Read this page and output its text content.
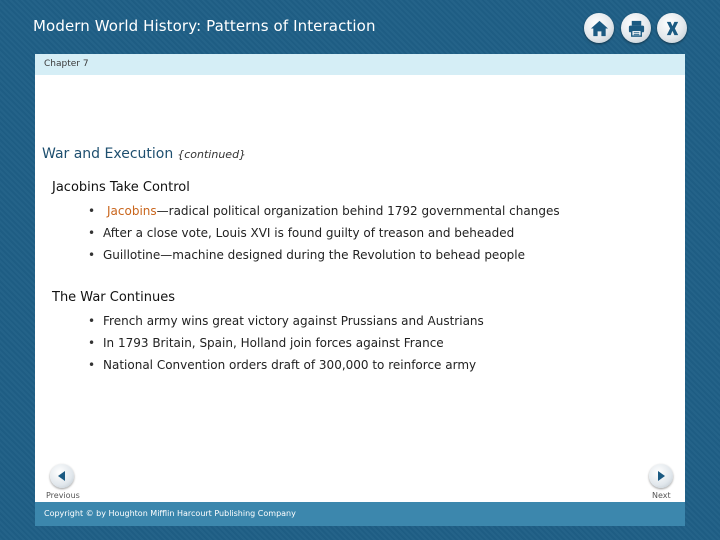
Modern World History: Patterns of Interaction
Chapter 7
War and Execution {continued}
Jacobins Take Control
• Jacobins—radical political organization behind 1792 governmental changes
• After a close vote, Louis XVI is found guilty of treason and beheaded
• Guillotine—machine designed during the Revolution to behead people
The War Continues
• French army wins great victory against Prussians and Austrians
• In 1793 Britain, Spain, Holland join forces against France
• National Convention orders draft of 300,000 to reinforce army
Previous	Next
Copyright © by Houghton Mifflin Harcourt Publishing Company
